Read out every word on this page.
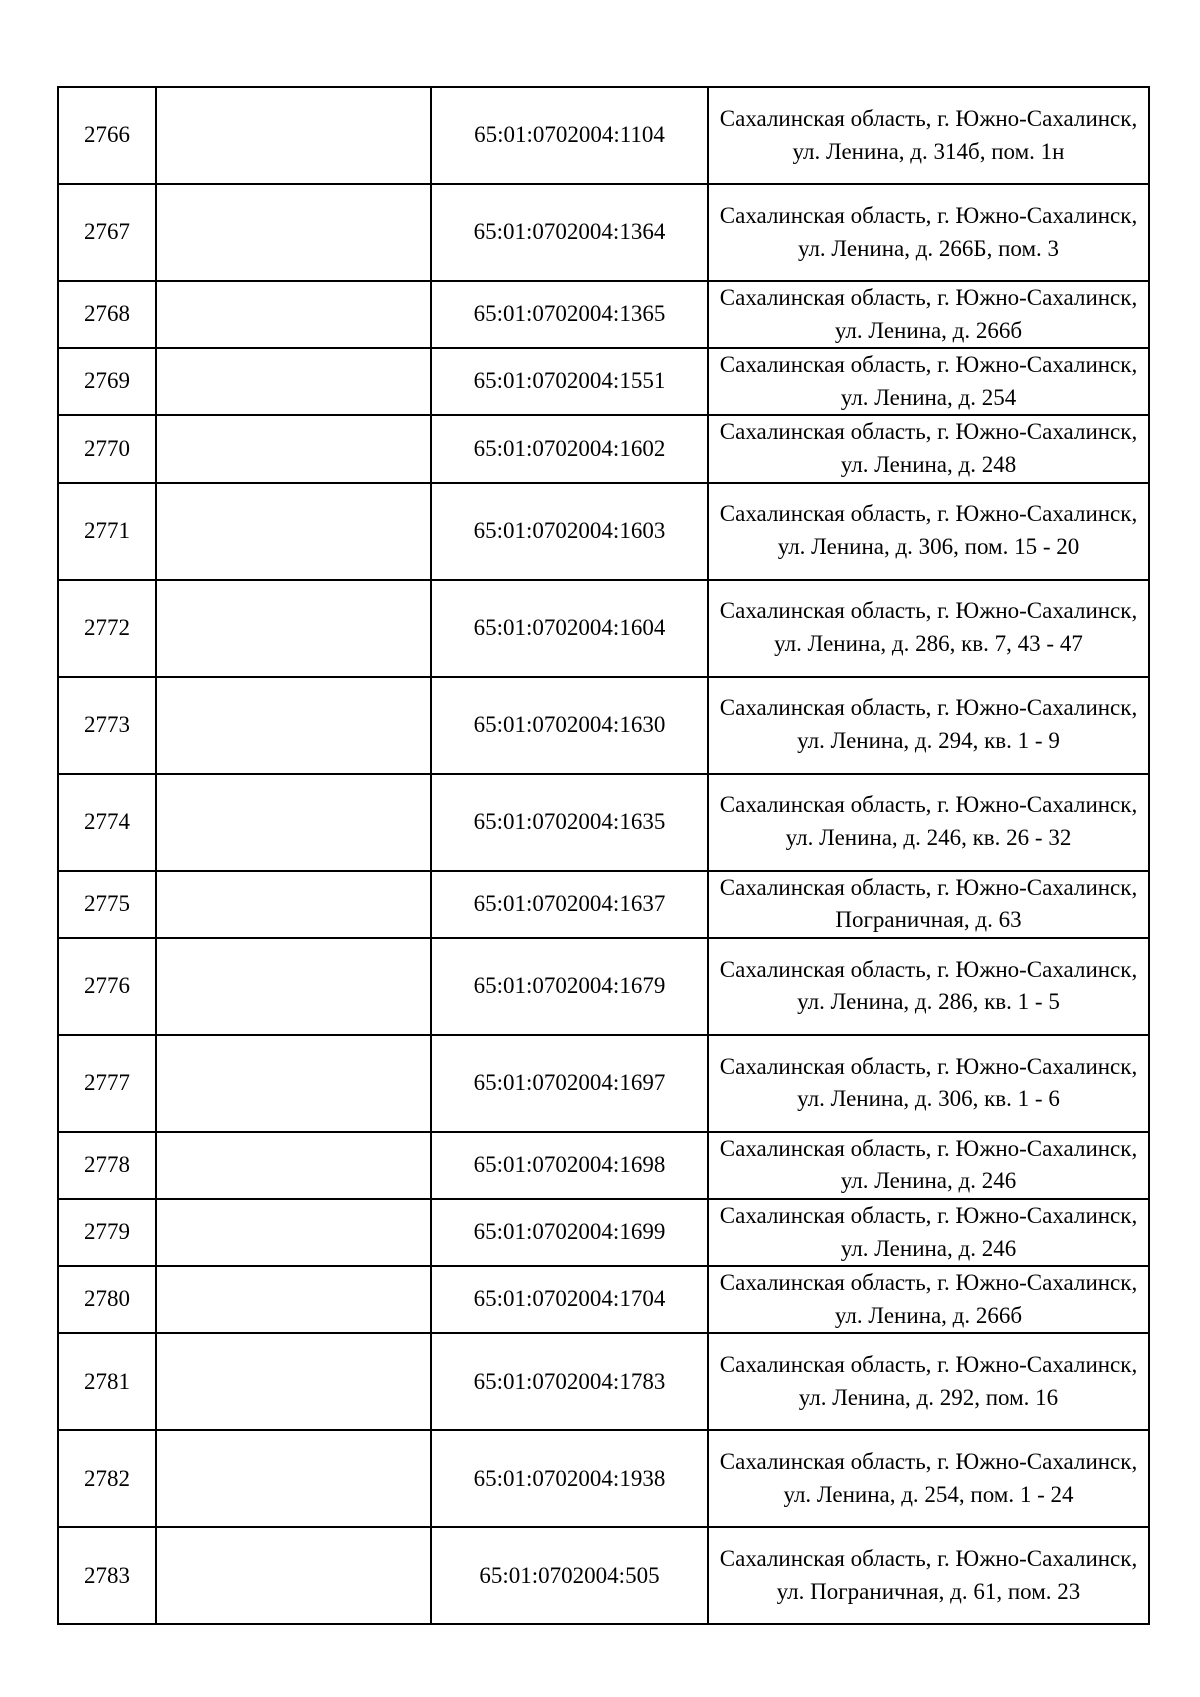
2766		65:01:0702004:1104	Сахалинская область, г. Южно-Сахалинск, ул. Ленина, д. 314б, пом. 1н
2767		65:01:0702004:1364	Сахалинская область, г. Южно-Сахалинск, ул. Ленина, д. 266Б, пом. 3
2768		65:01:0702004:1365	Сахалинская область, г. Южно-Сахалинск, ул. Ленина, д. 266б
2769		65:01:0702004:1551	Сахалинская область, г. Южно-Сахалинск, ул. Ленина, д. 254
2770		65:01:0702004:1602	Сахалинская область, г. Южно-Сахалинск, ул. Ленина, д. 248
2771		65:01:0702004:1603	Сахалинская область, г. Южно-Сахалинск, ул. Ленина, д. 306, пом. 15 - 20
2772		65:01:0702004:1604	Сахалинская область, г. Южно-Сахалинск, ул. Ленина, д. 286, кв. 7, 43 - 47
2773		65:01:0702004:1630	Сахалинская область, г. Южно-Сахалинск, ул. Ленина, д. 294, кв. 1 - 9
2774		65:01:0702004:1635	Сахалинская область, г. Южно-Сахалинск, ул. Ленина, д. 246, кв. 26 - 32
2775		65:01:0702004:1637	Сахалинская область, г. Южно-Сахалинск, Пограничная, д. 63
2776		65:01:0702004:1679	Сахалинская область, г. Южно-Сахалинск, ул. Ленина, д. 286, кв. 1 - 5
2777		65:01:0702004:1697	Сахалинская область, г. Южно-Сахалинск, ул. Ленина, д. 306, кв. 1 - 6
2778		65:01:0702004:1698	Сахалинская область, г. Южно-Сахалинск, ул. Ленина, д. 246
2779		65:01:0702004:1699	Сахалинская область, г. Южно-Сахалинск, ул. Ленина, д. 246
2780		65:01:0702004:1704	Сахалинская область, г. Южно-Сахалинск, ул. Ленина, д. 266б
2781		65:01:0702004:1783	Сахалинская область, г. Южно-Сахалинск, ул. Ленина, д. 292, пом. 16
2782		65:01:0702004:1938	Сахалинская область, г. Южно-Сахалинск, ул. Ленина, д. 254, пом. 1 - 24
2783		65:01:0702004:505	Сахалинская область, г. Южно-Сахалинск, ул. Пограничная, д. 61, пом. 23
